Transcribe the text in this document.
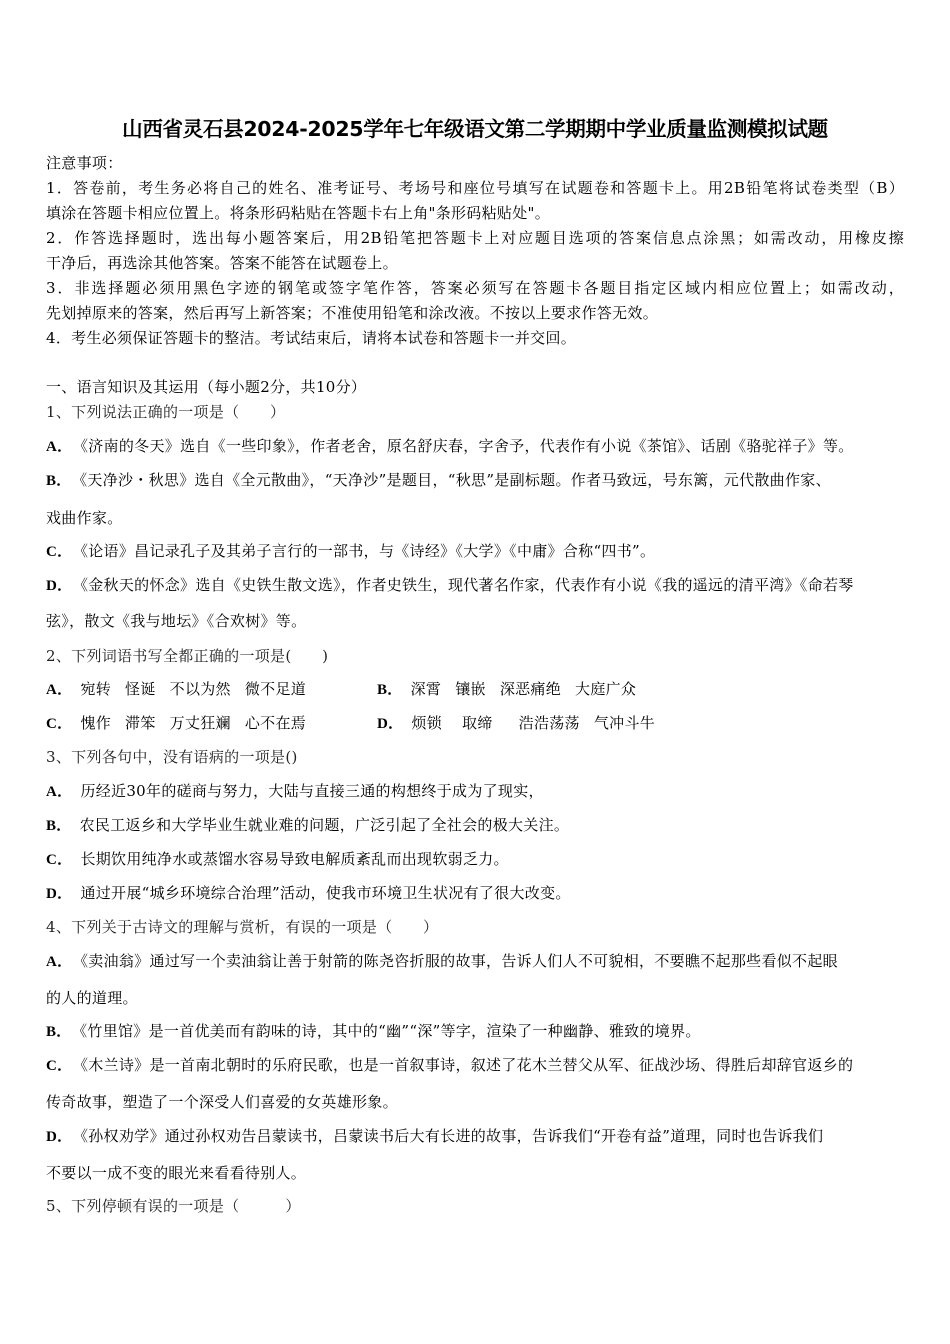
山西省灵石县2024-2025学年七年级语文第二学期期中学业质量监测模拟试题
注意事项：
1．答卷前，考生务必将自己的姓名、准考证号、考场号和座位号填写在试题卷和答题卡上。用2B铅笔将试卷类型（B）
填涂在答题卡相应位置上。将条形码粘贴在答题卡右上角"条形码粘贴处"。
2．作答选择题时，选出每小题答案后，用2B铅笔把答题卡上对应题目选项的答案信息点涂黑；如需改动，用橡皮擦
干净后，再选涂其他答案。答案不能答在试题卷上。
3．非选择题必须用黑色字迹的钢笔或签字笔作答，答案必须写在答题卡各题目指定区域内相应位置上；如需改动，
先划掉原来的答案，然后再写上新答案；不准使用铅笔和涂改液。不按以上要求作答无效。
4．考生必须保证答题卡的整洁。考试结束后，请将本试卷和答题卡一并交回。
一、语言知识及其运用（每小题2分，共10分）
1、下列说法正确的一项是（　　）
A． 《济南的冬天》选自《一些印象》，作者老舍，原名舒庆春，字舍予，代表作有小说《茶馆》、话剧《骆驼祥子》等。
B． 《天净沙・秋思》选自《全元散曲》，“天净沙”是题目，“秋思”是副标题。作者马致远，号东篱，元代散曲作家、
戏曲作家。
C． 《论语》昌记录孔子及其弟子言行的一部书，与《诗经》《大学》《中庸》合称“四书”。
D． 《金秋天的怀念》选自《史铁生散文选》，作者史铁生，现代著名作家，代表作有小说《我的遥远的清平湾》《命若琴
弦》，散文《我与地坛》《合欢树》等。
2、下列词语书写全都正确的一项是(　　)
A． 宛转 怪诞 不以为然 微不足道	B． 深霄 镶嵌 深恶痛绝 大庭广众
C． 愧作 滞笨 万丈狂斓 心不在焉	D． 烦锁 取缔 浩浩荡荡 气冲斗牛
3、下列各句中，没有语病的一项是()
A． 历经近30年的磋商与努力，大陆与直接三通的构想终于成为了现实，
B． 农民工返乡和大学毕业生就业难的问题，广泛引起了全社会的极大关注。
C． 长期饮用纯净水或蒸馏水容易导致电解质紊乱而出现软弱乏力。
D． 通过开展“城乡环境综合治理”活动，使我市环境卫生状况有了很大改变。
4、下列关于古诗文的理解与赏析，有误的一项是（　　）
A． 《卖油翁》通过写一个卖油翁让善于射箭的陈尧咨折服的故事，告诉人们人不可貌相，不要瞧不起那些看似不起眼
的人的道理。
B． 《竹里馆》是一首优美而有韵味的诗，其中的“幽”“深”等字，渲染了一种幽静、雅致的境界。
C． 《木兰诗》是一首南北朝时的乐府民歌，也是一首叙事诗，叙述了花木兰替父从军、征战沙场、得胜后却辞官返乡的
传奇故事，塑造了一个深受人们喜爱的女英雄形象。
D． 《孙权劝学》通过孙权劝告吕蒙读书，吕蒙读书后大有长进的故事，告诉我们“开卷有益”道理，同时也告诉我们
不要以一成不变的眼光来看看待别人。
5、下列停顿有误的一项是（　　　）
